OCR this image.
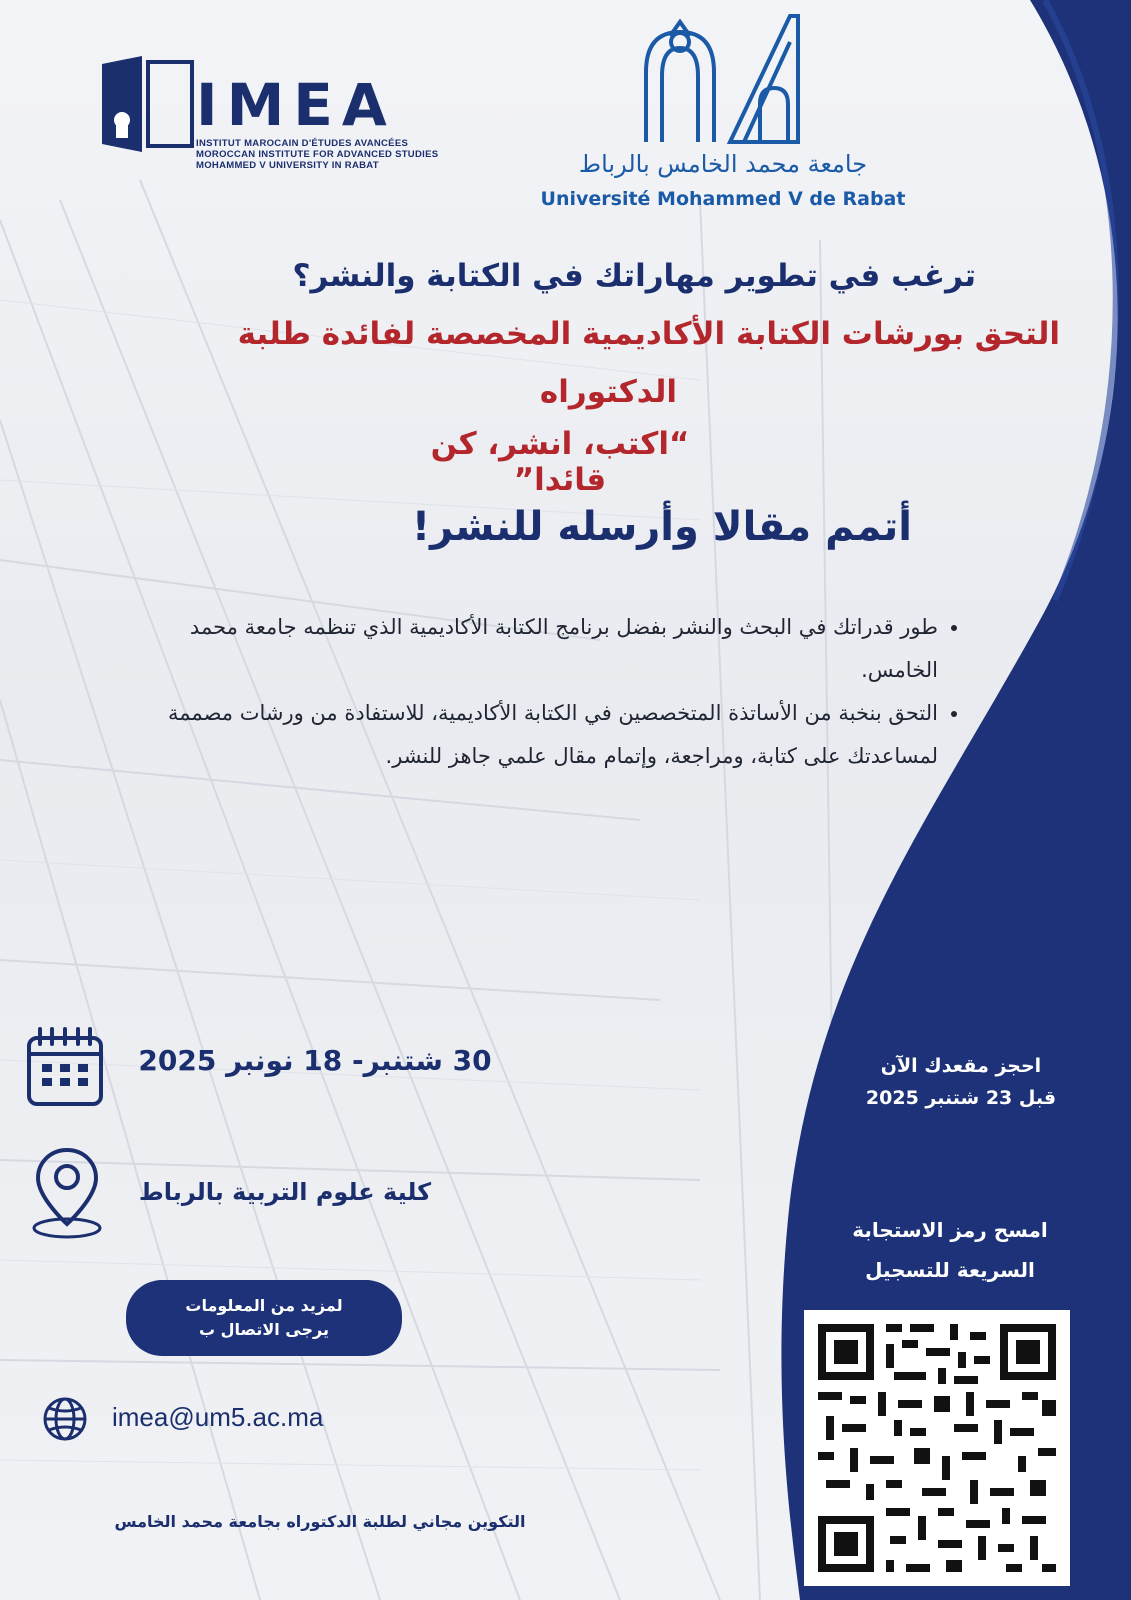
IMEA
INSTITUT MAROCAIN D'ÉTUDES AVANCÉES
MOROCCAN INSTITUTE FOR ADVANCED STUDIES
MOHAMMED V UNIVERSITY IN RABAT	جامعة محمد الخامس بالرباط
Université Mohammed V de Rabat
ترغب في تطوير مهاراتك في الكتابة والنشر؟
التحق بورشات الكتابة الأكاديمية المخصصة لفائدة طلبة
الدكتوراه
“اكتب، انشر، كن قائدا”
أتمم مقالا وأرسله للنشر!
• طور قدراتك في البحث والنشر بفضل برنامج الكتابة الأكاديمية الذي تنظمه جامعة محمد الخامس.
• التحق بنخبة من الأساتذة المتخصصين في الكتابة الأكاديمية، للاستفادة من ورشات مصممة لمساعدتك على كتابة، ومراجعة، وإتمام مقال علمي جاهز للنشر.
30 شتنبر- 18 نونبر 2025
كلية علوم التربية بالرباط
لمزيد من المعلومات
يرجى الاتصال ب
imea@um5.ac.ma
التكوين مجاني لطلبة الدكتوراه بجامعة محمد الخامس
احجز مقعدك الآن
قبل 23 شتنبر 2025
امسح رمز الاستجابة
السريعة للتسجيل
